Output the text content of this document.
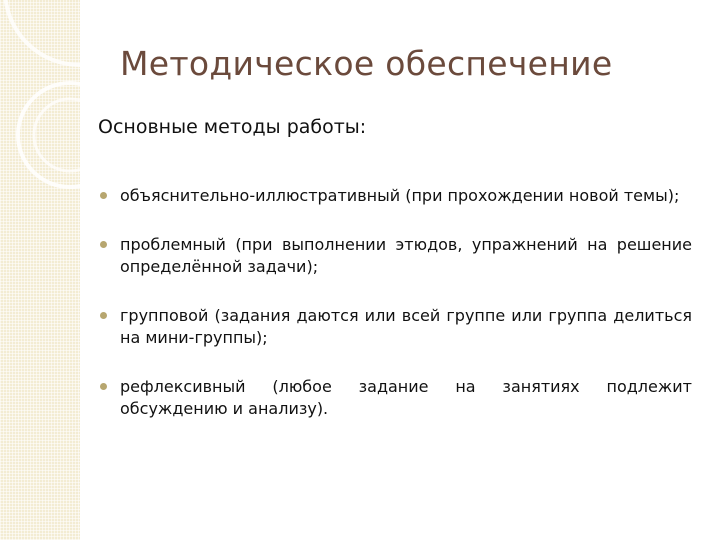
Методическое обеспечение
Основные методы работы:
объяснительно-иллюстративный (при прохождении новой темы);
проблемный (при выполнении этюдов, упражнений на решение определённой задачи);
групповой (задания даются или всей группе или группа делиться на мини-группы);
рефлексивный (любое задание на занятиях подлежит обсуждению и анализу).
